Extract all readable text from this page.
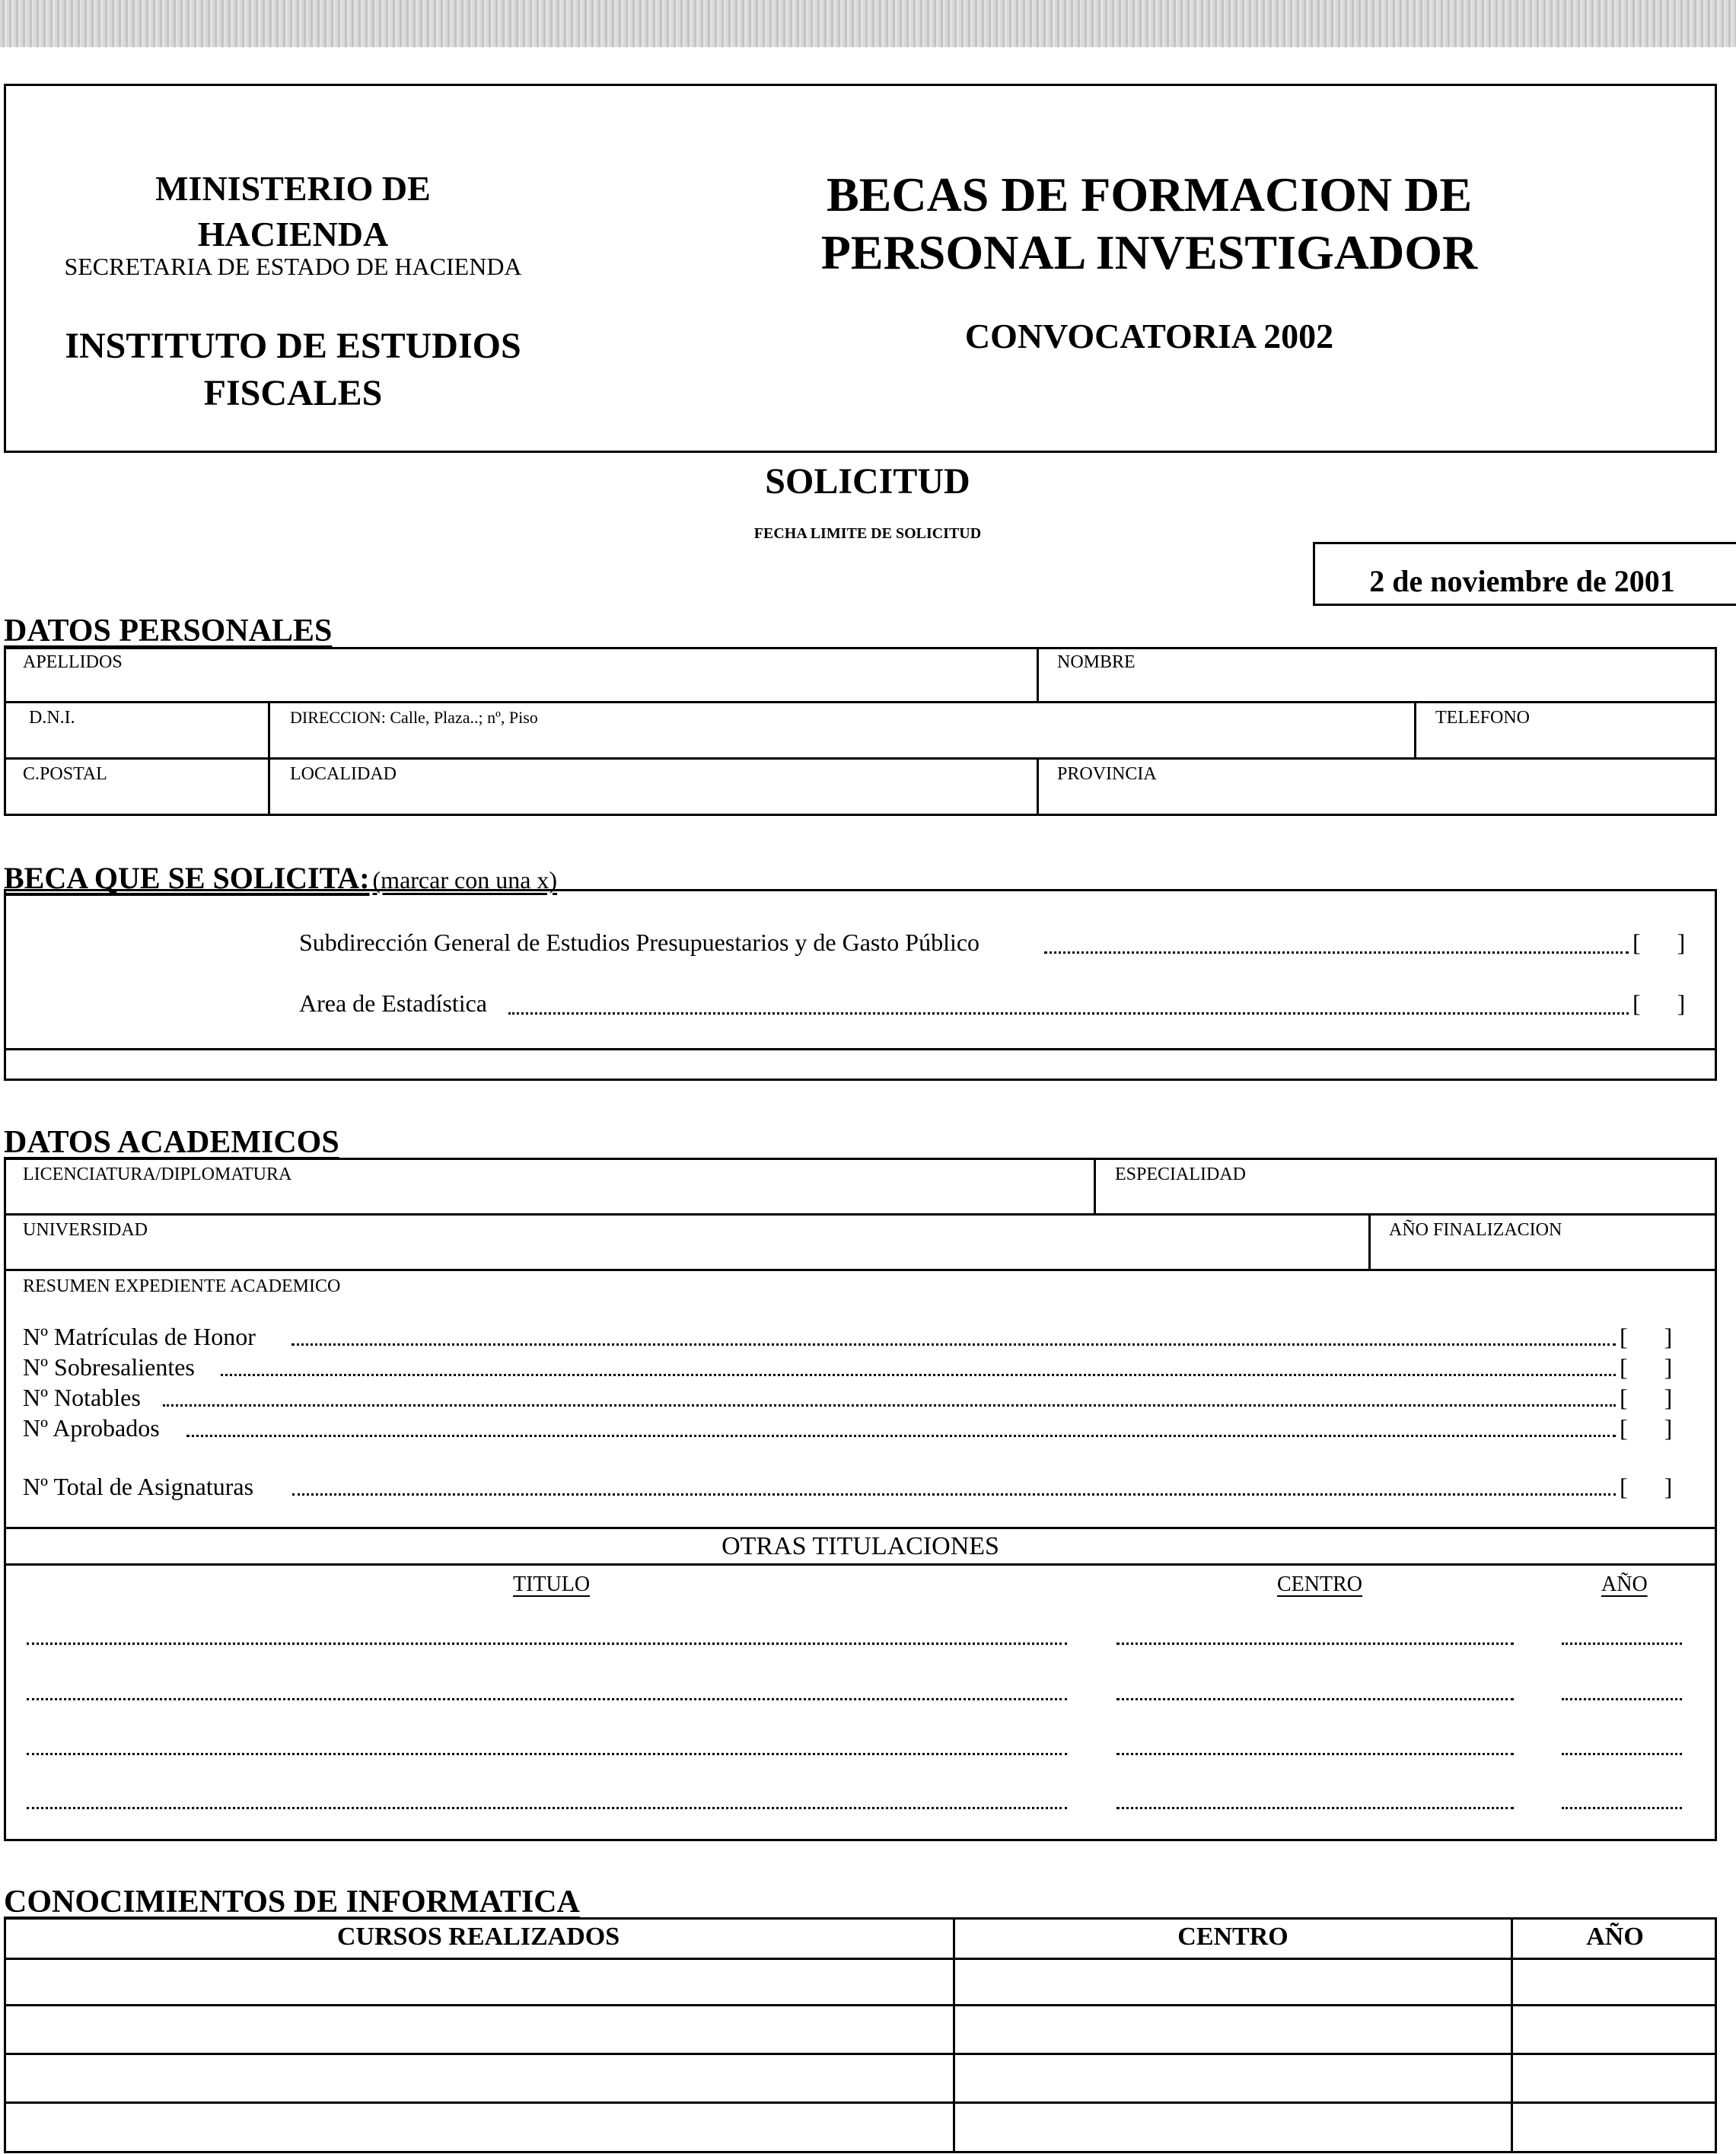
MINISTERIO DE
HACIENDA
SECRETARIA DE ESTADO DE HACIENDA
INSTITUTO DE ESTUDIOS
FISCALES
BECAS DE FORMACION DE
PERSONAL INVESTIGADOR
CONVOCATORIA 2002
SOLICITUD
FECHA LIMITE DE SOLICITUD
2 de noviembre de 2001
DATOS PERSONALES
APELLIDOS	NOMBRE
D.N.I.	DIRECCION: Calle, Plaza..; nº, Piso	TELEFONO
C.POSTAL	LOCALIDAD	PROVINCIA
BECA QUE SE SOLICITA: (marcar con una x)
Subdirección General de Estudios Presupuestarios y de Gasto Público	[      ]
Area de Estadística	[      ]
DATOS ACADEMICOS
LICENCIATURA/DIPLOMATURA	ESPECIALIDAD
UNIVERSIDAD	AÑO FINALIZACION
RESUMEN EXPEDIENTE ACADEMICO
Nº Matrículas de Honor	[      ]
Nº Sobresalientes	[      ]
Nº Notables	[      ]
Nº Aprobados	[      ]
Nº Total de Asignaturas	[      ]
OTRAS TITULACIONES
TITULO	CENTRO	AÑO
CONOCIMIENTOS DE INFORMATICA
CURSOS REALIZADOS	CENTRO	AÑO
